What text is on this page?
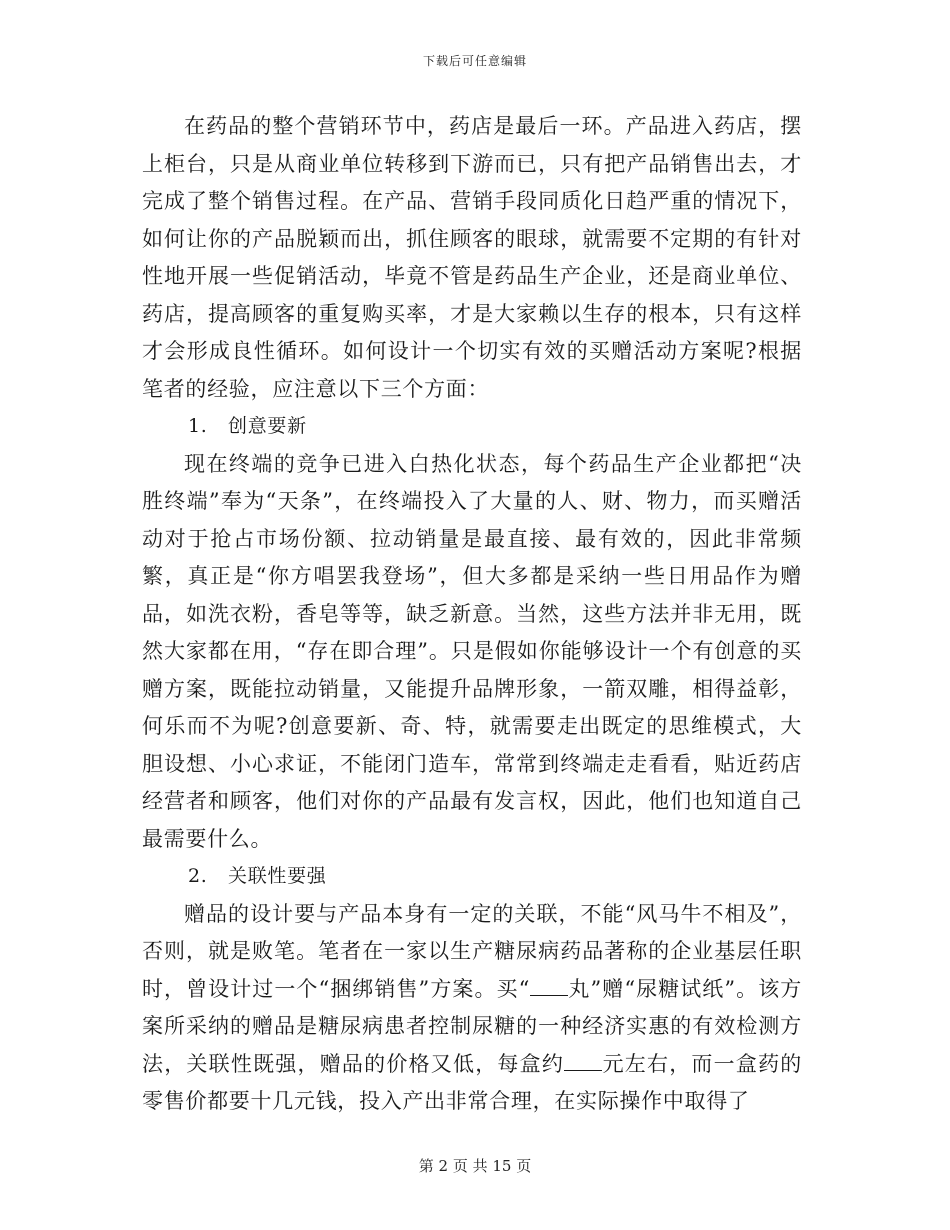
下载后可任意编辑

在药品的整个营销环节中，药店是最后一环。产品进入药店，摆上柜台，只是从商业单位转移到下游而已，只有把产品销售出去，才完成了整个销售过程。在产品、营销手段同质化日趋严重的情况下，如何让你的产品脱颖而出，抓住顾客的眼球，就需要不定期的有针对性地开展一些促销活动，毕竟不管是药品生产企业，还是商业单位、药店，提高顾客的重复购买率，才是大家赖以生存的根本，只有这样才会形成良性循环。如何设计一个切实有效的买赠活动方案呢?根据笔者的经验，应注意以下三个方面：

1. 创意要新

现在终端的竞争已进入白热化状态，每个药品生产企业都把“决胜终端”奉为“天条”，在终端投入了大量的人、财、物力，而买赠活动对于抢占市场份额、拉动销量是最直接、最有效的，因此非常频繁，真正是“你方唱罢我登场”，但大多都是采纳一些日用品作为赠品，如洗衣粉，香皂等等，缺乏新意。当然，这些方法并非无用，既然大家都在用，“存在即合理”。只是假如你能够设计一个有创意的买赠方案，既能拉动销量，又能提升品牌形象，一箭双雕，相得益彰，何乐而不为呢?创意要新、奇、特，就需要走出既定的思维模式，大胆设想、小心求证，不能闭门造车，常常到终端走走看看，贴近药店经营者和顾客，他们对你的产品最有发言权，因此，他们也知道自己最需要什么。

2. 关联性要强

赠品的设计要与产品本身有一定的关联，不能“风马牛不相及”，否则，就是败笔。笔者在一家以生产糖尿病药品著称的企业基层任职时，曾设计过一个“捆绑销售”方案。买“ 丸”赠“尿糖试纸”。该方案所采纳的赠品是糖尿病患者控制尿糖的一种经济实惠的有效检测方法，关联性既强，赠品的价格又低，每盒约 元左右，而一盒药的零售价都要十几元钱，投入产出非常合理，在实际操作中取得了

第 2 页 共 15 页
